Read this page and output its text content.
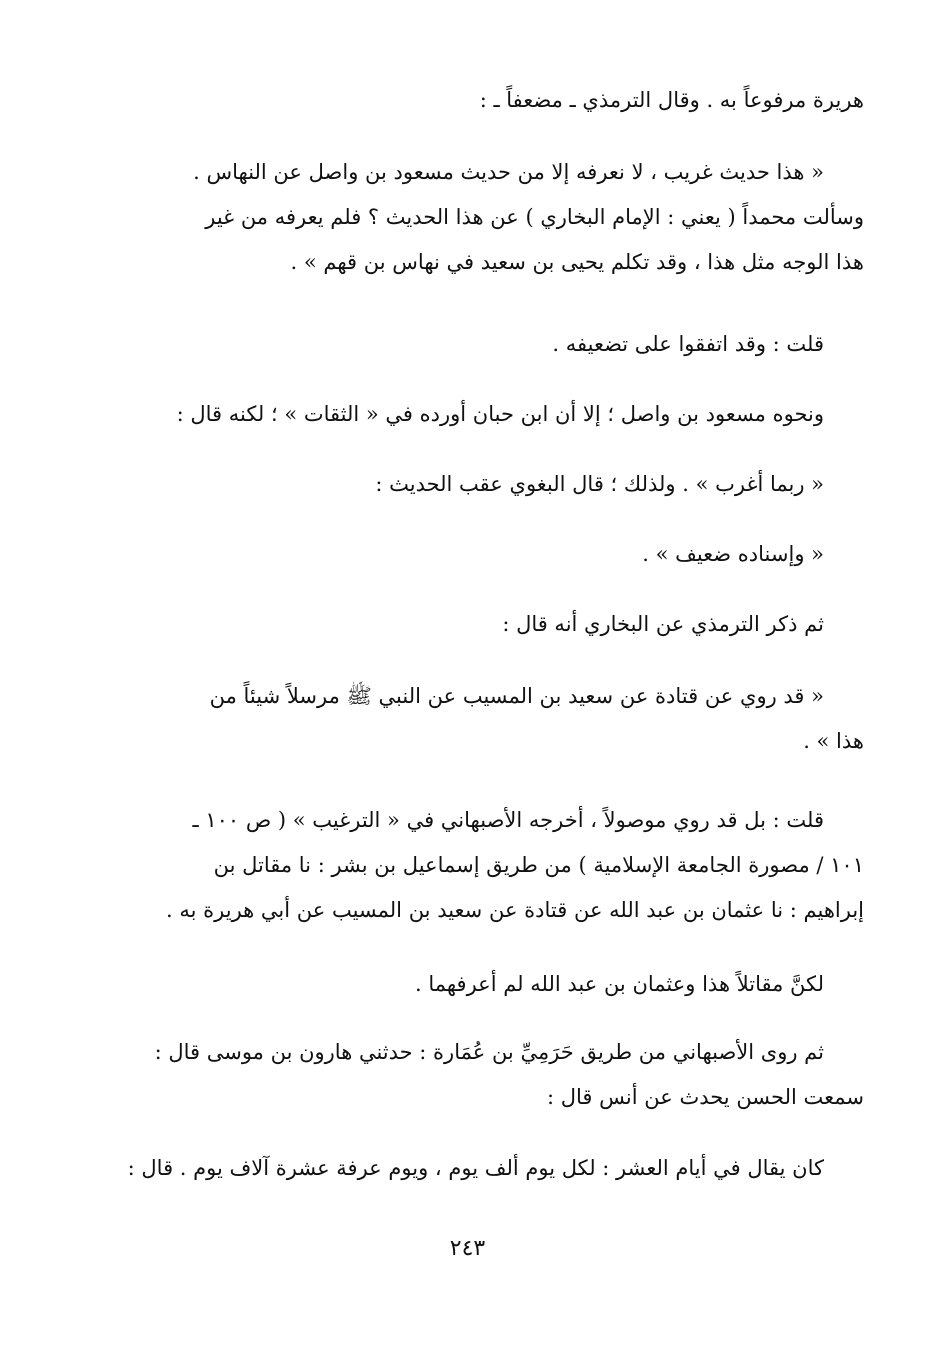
هريرة مرفوعاً به . وقال الترمذي ـ مضعفاً ـ :

« هذا حديث غريب ، لا نعرفه إلا من حديث مسعود بن واصل عن النهاس .
وسألت محمداً ( يعني : الإمام البخاري ) عن هذا الحديث ؟ فلم يعرفه من غير
هذا الوجه مثل هذا ، وقد تكلم يحيى بن سعيد في نهاس بن قهم » .

قلت : وقد اتفقوا على تضعيفه .

ونحوه مسعود بن واصل ؛ إلا أن ابن حبان أورده في « الثقات » ؛ لكنه قال :

« ربما أغرب » . ولذلك ؛ قال البغوي عقب الحديث :

« وإسناده ضعيف » .

ثم ذكر الترمذي عن البخاري أنه قال :

« قد روي عن قتادة عن سعيد بن المسيب عن النبي ﷺ مرسلاً شيئاً من
هذا » .

قلت : بل قد روي موصولاً ، أخرجه الأصبهاني في « الترغيب » ( ص ١٠٠ ـ
١٠١ / مصورة الجامعة الإسلامية ) من طريق إسماعيل بن بشر : نا مقاتل بن
إبراهيم : نا عثمان بن عبد الله عن قتادة عن سعيد بن المسيب عن أبي هريرة به .

لكنَّ مقاتلاً هذا وعثمان بن عبد الله لم أعرفهما .

ثم روى الأصبهاني من طريق حَرَمِيِّ بن عُمَارة : حدثني هارون بن موسى قال :
سمعت الحسن يحدث عن أنس قال :

كان يقال في أيام العشر : لكل يوم ألف يوم ، ويوم عرفة عشرة آلاف يوم . قال :

٢٤٣
